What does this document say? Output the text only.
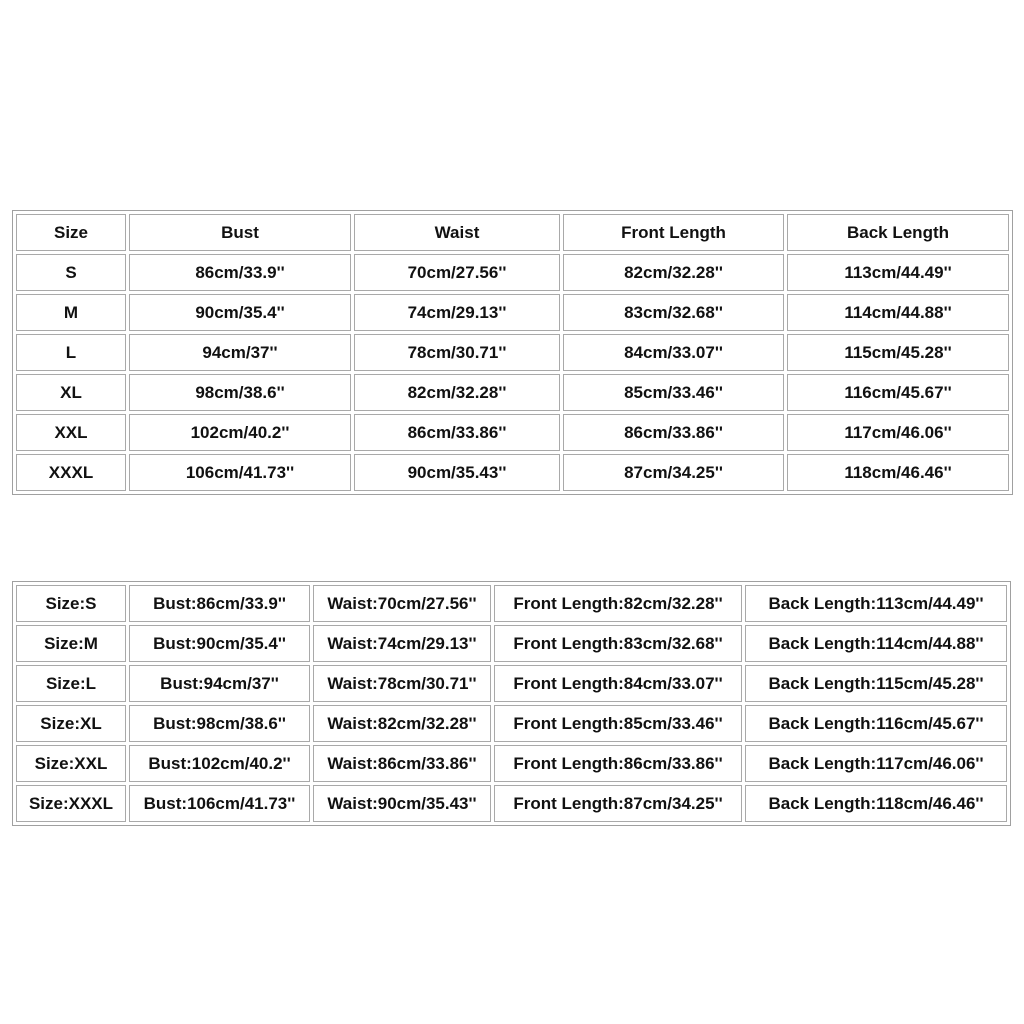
Size	Bust	Waist	Front Length	Back Length
S	86cm/33.9''	70cm/27.56''	82cm/32.28''	113cm/44.49''
M	90cm/35.4''	74cm/29.13''	83cm/32.68''	114cm/44.88''
L	94cm/37''	78cm/30.71''	84cm/33.07''	115cm/45.28''
XL	98cm/38.6''	82cm/32.28''	85cm/33.46''	116cm/45.67''
XXL	102cm/40.2''	86cm/33.86''	86cm/33.86''	117cm/46.06''
XXXL	106cm/41.73''	90cm/35.43''	87cm/34.25''	118cm/46.46''
Size:S	Bust:86cm/33.9''	Waist:70cm/27.56''	Front Length:82cm/32.28''	Back Length:113cm/44.49''
Size:M	Bust:90cm/35.4''	Waist:74cm/29.13''	Front Length:83cm/32.68''	Back Length:114cm/44.88''
Size:L	Bust:94cm/37''	Waist:78cm/30.71''	Front Length:84cm/33.07''	Back Length:115cm/45.28''
Size:XL	Bust:98cm/38.6''	Waist:82cm/32.28''	Front Length:85cm/33.46''	Back Length:116cm/45.67''
Size:XXL	Bust:102cm/40.2''	Waist:86cm/33.86''	Front Length:86cm/33.86''	Back Length:117cm/46.06''
Size:XXXL	Bust:106cm/41.73''	Waist:90cm/35.43''	Front Length:87cm/34.25''	Back Length:118cm/46.46''
